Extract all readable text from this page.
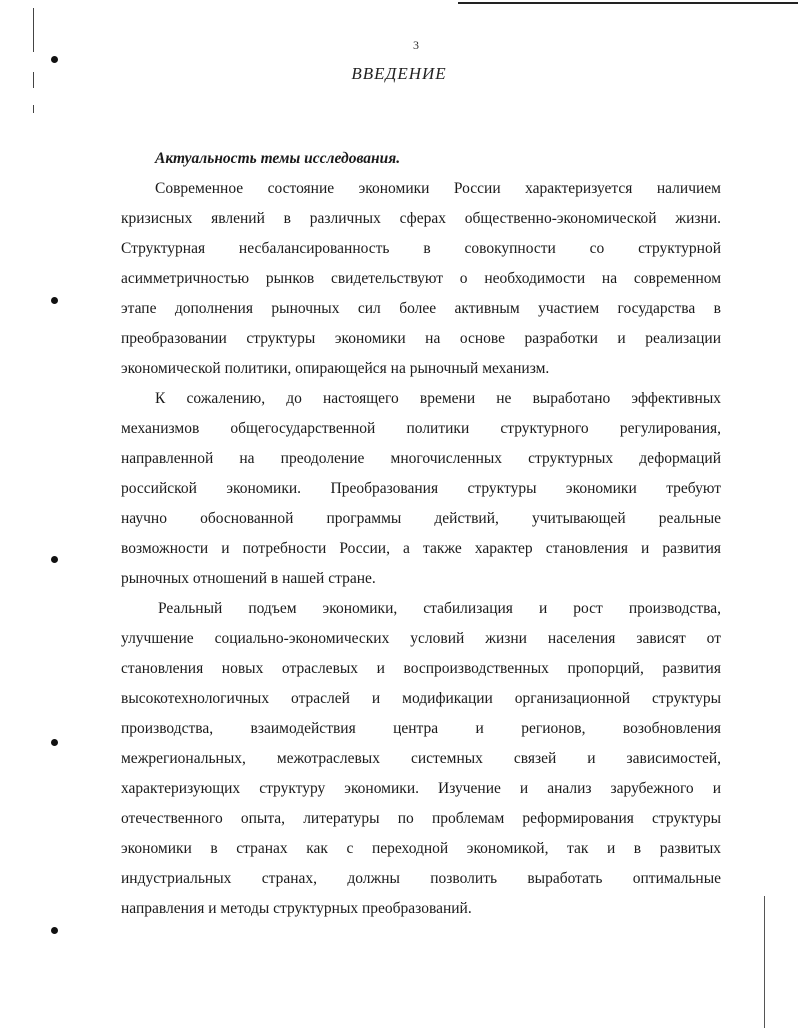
3
ВВЕДЕНИЕ
Актуальность темы исследования.
Современное состояние экономики России характеризуется наличием
кризисных явлений в различных сферах общественно-экономической жизни.
Структурная несбалансированность в совокупности со структурной
асимметричностью рынков свидетельствуют о необходимости на современном
этапе дополнения рыночных сил более активным участием государства в
преобразовании структуры экономики на основе разработки и реализации
экономической политики, опирающейся на рыночный механизм.
К сожалению, до настоящего времени не выработано эффективных
механизмов общегосударственной политики структурного регулирования,
направленной на преодоление многочисленных структурных деформаций
российской экономики. Преобразования структуры экономики требуют
научно обоснованной программы действий, учитывающей реальные
возможности и потребности России, а также характер становления и развития
рыночных отношений в нашей стране.
Реальный подъем экономики, стабилизация и рост производства,
улучшение социально-экономических условий жизни населения зависят от
становления новых отраслевых и воспроизводственных пропорций, развития
высокотехнологичных отраслей и модификации организационной структуры
производства, взаимодействия центра и регионов, возобновления
межрегиональных, межотраслевых системных связей и зависимостей,
характеризующих структуру экономики. Изучение и анализ зарубежного и
отечественного опыта, литературы по проблемам реформирования структуры
экономики в странах как с переходной экономикой, так и в развитых
индустриальных странах, должны позволить выработать оптимальные
направления и методы структурных преобразований.
